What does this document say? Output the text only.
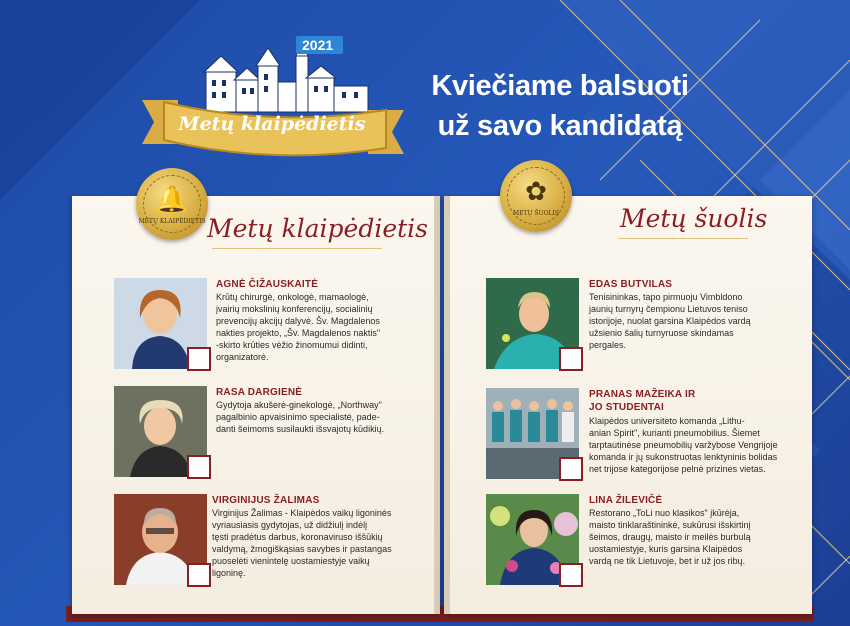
2021
Metų klaipėdietis
Kviečiame balsuoti
už savo kandidatą
Metų klaipėdietis
AGNĖ ČIŽAUSKAITĖ
Krūtų chirurgė, onkologė, mamaologė,
įvairių mokslinių konferencijų, socialinių
prevencijų akcijų dalyvė. Šv. Magdalenos
nakties projekto, „Šv. Magdalenos naktis"
-skirto krūties vėžio žinomumui didinti,
organizatorė.
RASA DARGIENĖ
Gydytoja akušerė-ginekologė, „Northway"
pagalbinio apvaisinimo specialistė, pade-
danti šeimoms susilaukti išsvajotų kūdikių.
VIRGINIJUS ŽALIMAS
Virginijus Žalimas - Klaipėdos vaikų ligoninės
vyriausiasis gydytojas, už didžiulį indėlį
tęsti pradėtus darbus, koronaviruso iššūkių
valdymą, žmogiškąsias savybes ir pastangas
puoselėti vienintelę uostamiestyje vaikų
ligoninę.
Metų šuolis
EDAS BUTVILAS
Tenisininkas, tapo pirmuoju Vimbldono
jaunių turnyrų čempionu Lietuvos teniso
istorijoje, nuolat garsina Klaipėdos vardą
užsienio šalių turnyruose skindamas
pergales.
PRANAS MAŽEIKA IR
JO STUDENTAI
Klaipėdos universiteto komanda „Lithu-
anian Spirit", kurianti pneumobilius. Šiemet
tarptautinėse pneumobilių varžybose Vengrijoje
komanda ir jų sukonstruotas lenktyninis bolidas
net trijose kategorijose pelnė prizines vietas.
LINA ŽILEVIČĖ
Restorano „ToLi nuo klasikos" įkūrėja,
maisto tinklaraštininkė, sukūrusi išskirtinį
šeimos, draugų, maisto ir meilės burbulą
uostamiestyje, kuris garsina Klaipėdos
vardą ne tik Lietuvoje, bet ir už jos ribų.
🔔
METŲ KLAIPĖDIETIS
✿
METŲ ŠUOLIS
